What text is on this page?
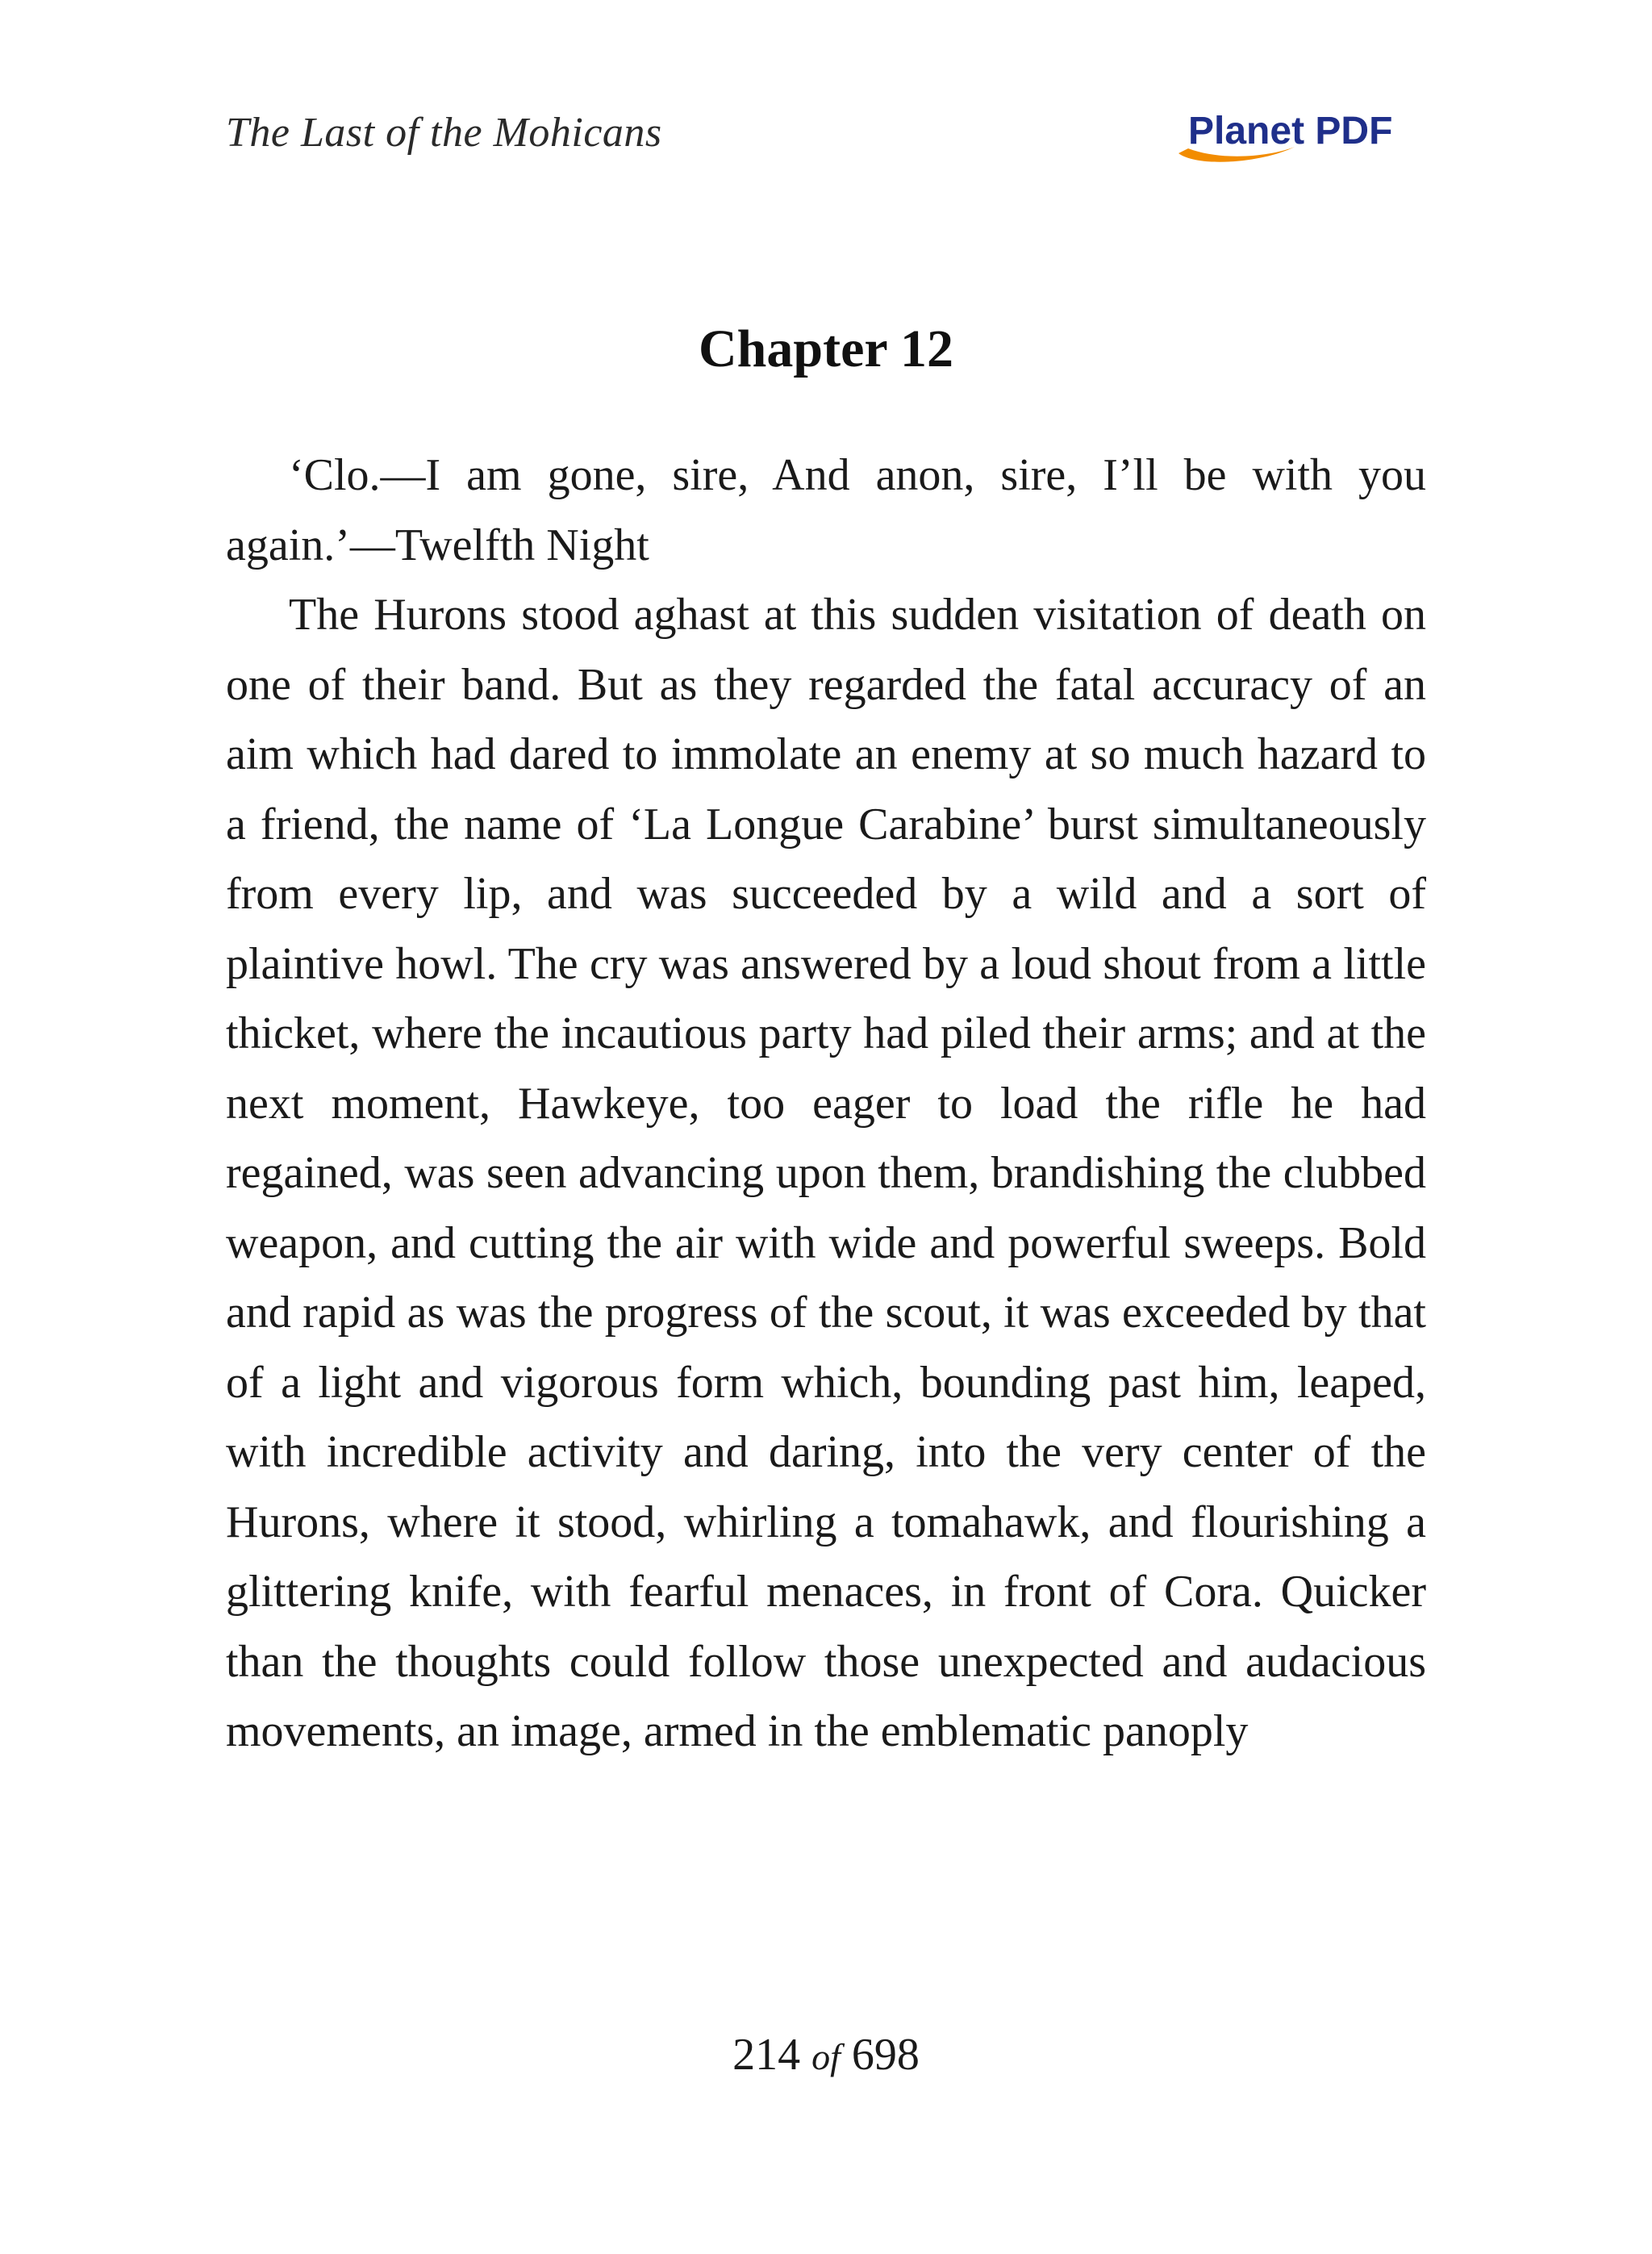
The Last of the Mohicans	Planet PDF
Chapter 12

‘Clo.—I am gone, sire, And anon, sire, I’ll be with you again.’—Twelfth Night

The Hurons stood aghast at this sudden visitation of death on one of their band. But as they regarded the fatal accuracy of an aim which had dared to immolate an enemy at so much hazard to a friend, the name of ‘La Longue Carabine’ burst simultaneously from every lip, and was succeeded by a wild and a sort of plaintive howl. The cry was answered by a loud shout from a little thicket, where the incautious party had piled their arms; and at the next moment, Hawkeye, too eager to load the rifle he had regained, was seen advancing upon them, brandishing the clubbed weapon, and cutting the air with wide and powerful sweeps. Bold and rapid as was the progress of the scout, it was exceeded by that of a light and vigorous form which, bounding past him, leaped, with incredible activity and daring, into the very center of the Hurons, where it stood, whirling a tomahawk, and flourishing a glittering knife, with fearful menaces, in front of Cora. Quicker than the thoughts could follow those unexpected and audacious movements, an image, armed in the emblematic panoply

214 of 698
